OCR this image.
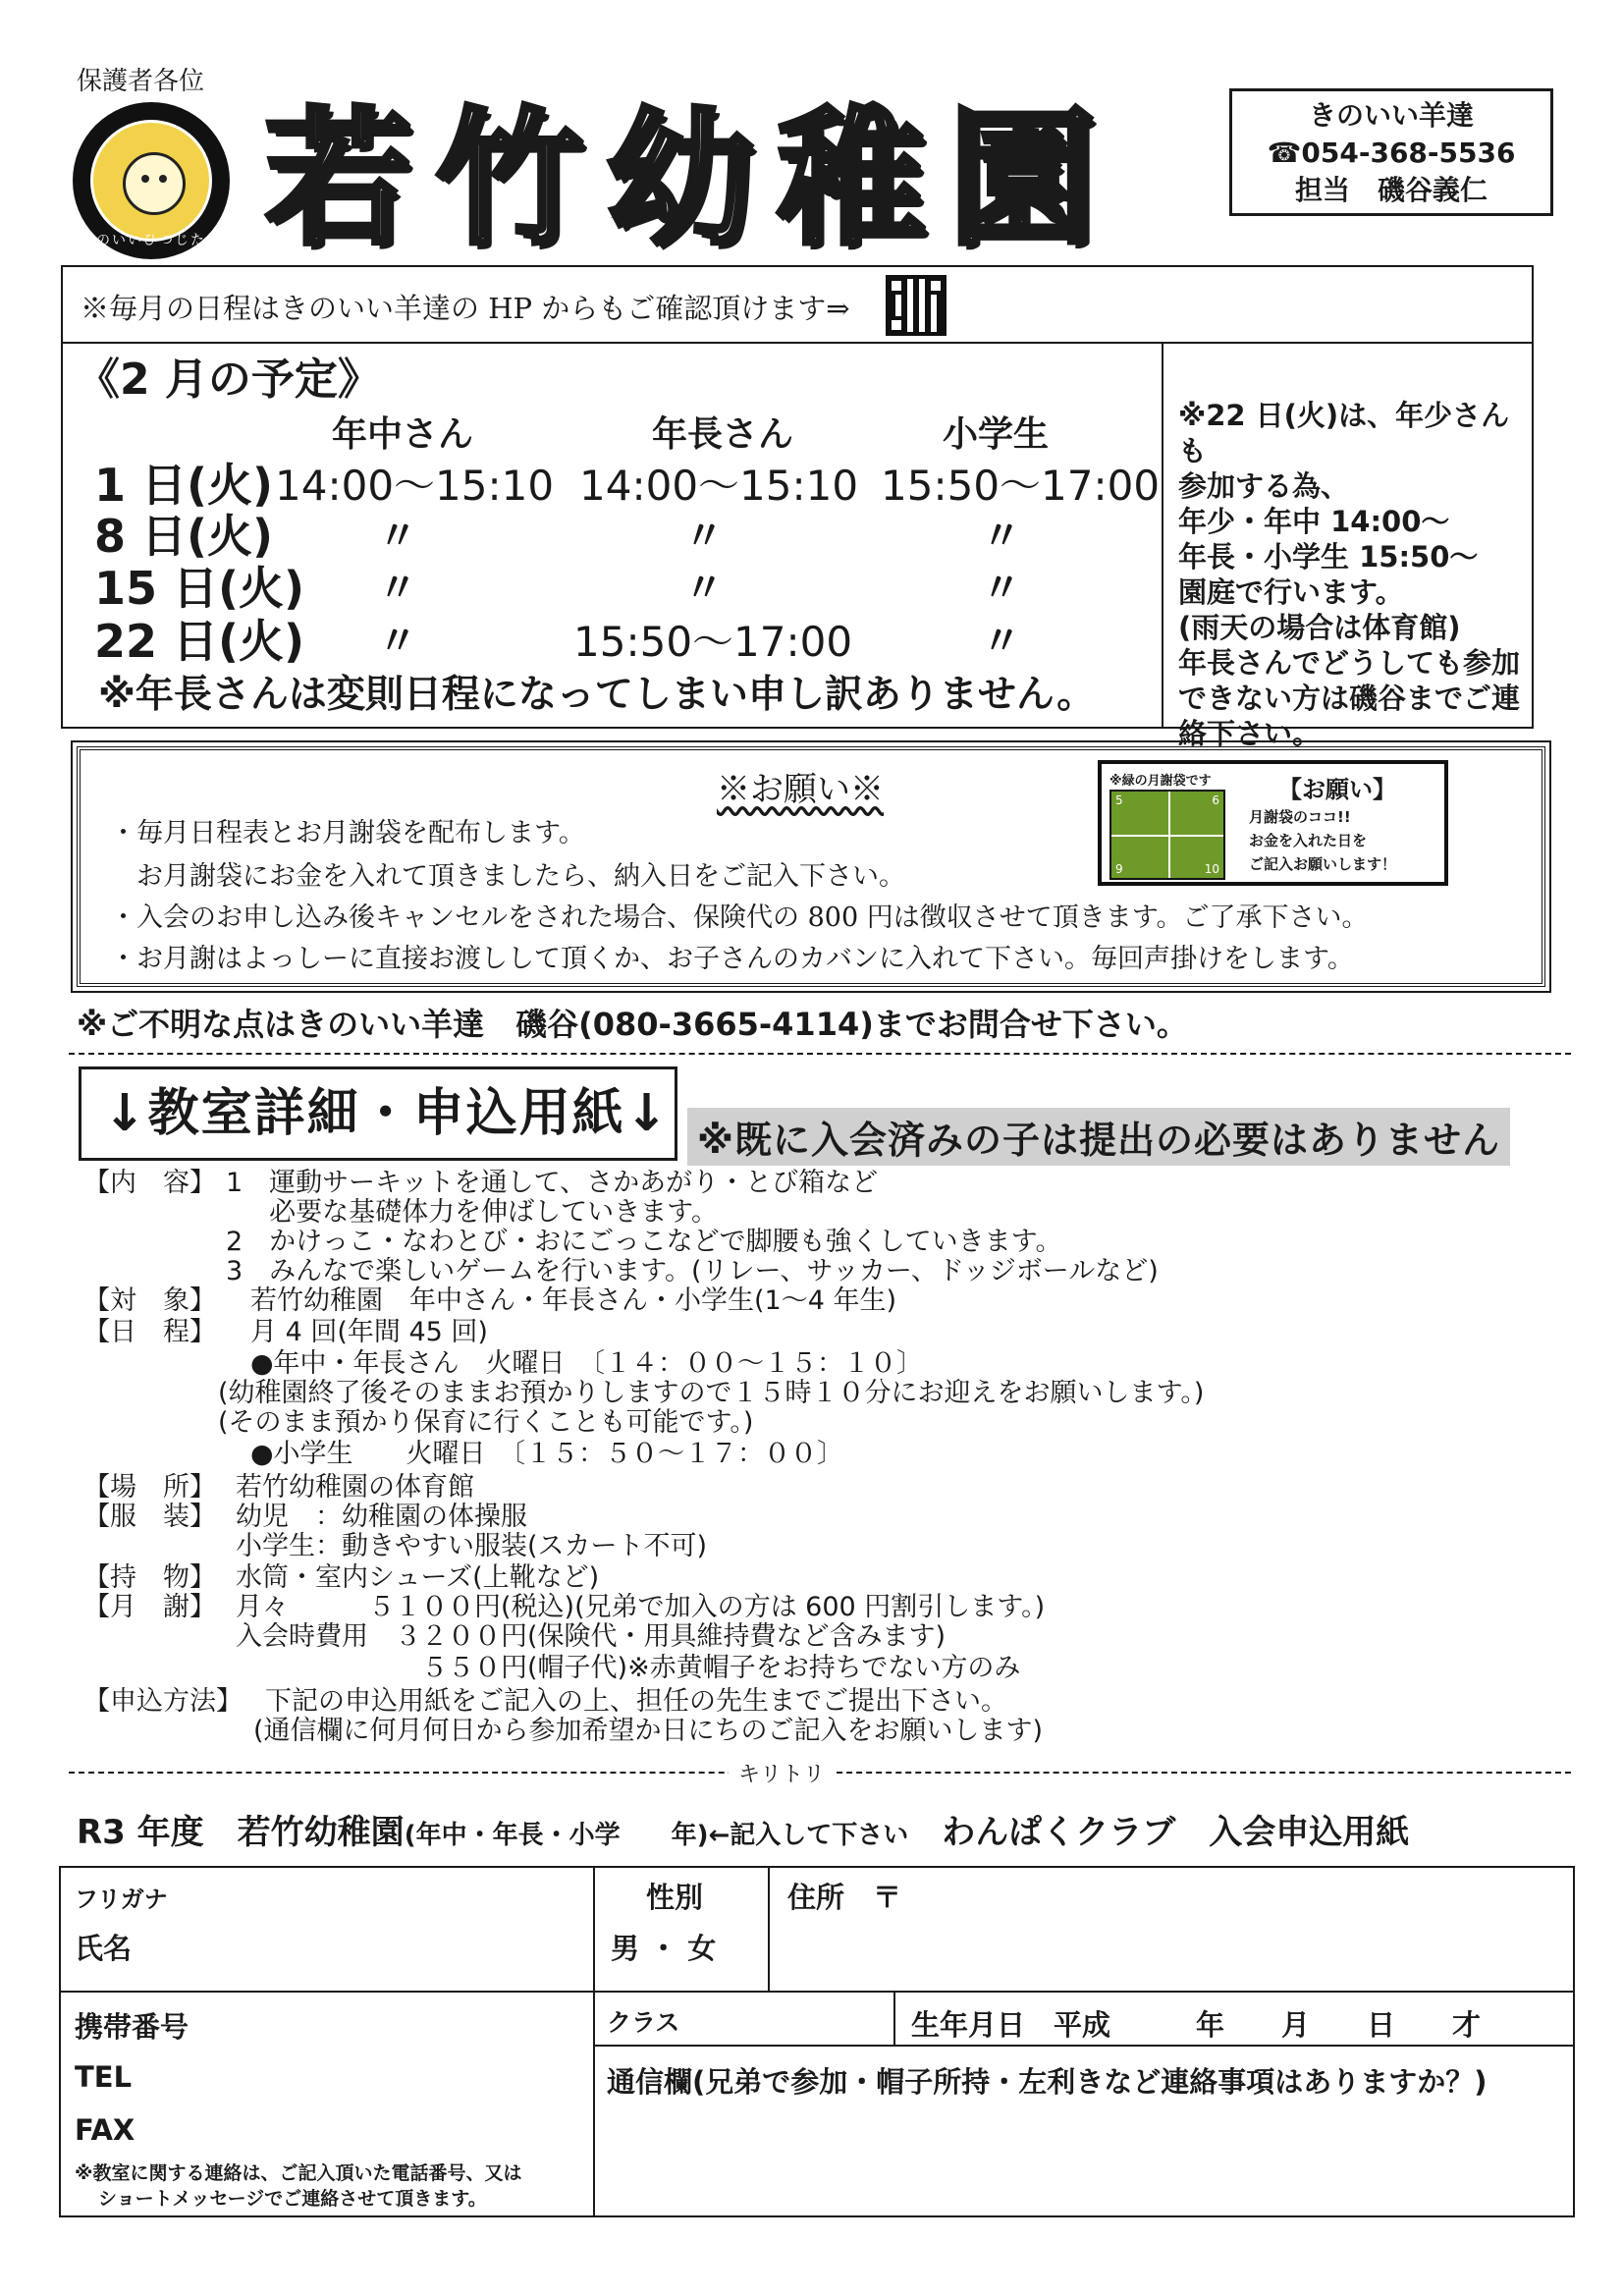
保護者各位
きのいいひつじたち 若竹幼稚園	きのいい羊達
☎054-368-5536
担当　磯谷義仁
※毎月の日程はきのいい羊達の HP からもご確認頂けます⇒
《2 月の予定》
年中さん	年長さん	小学生
1 日(火) 14:00～15:10 14:00～15:10 15:50～17:00
8 日(火)	〃	〃	〃
15 日(火) 〃	〃	〃
22 日(火) 〃	15:50～17:00	〃
※年長さんは変則日程になってしまい申し訳ありません。
※22 日(火)は、年少さんも
参加する為、
年少・年中 14:00～
年長・小学生 15:50～
園庭で行います。
(雨天の場合は体育館)
年長さんでどうしても参加
できない方は磯谷までご連
絡下さい。
※お願い※
・毎月日程表とお月謝袋を配布します。
　お月謝袋にお金を入れて頂きましたら、納入日をご記入下さい。
・入会のお申し込み後キャンセルをされた場合、保険代の 800 円は徴収させて頂きます。ご了承下さい。
・お月謝はよっしーに直接お渡しして頂くか、お子さんのカバンに入れて下さい。毎回声掛けをします。
※緑の月謝袋です
5	6
9	10
【お願い】
月謝袋のココ!!
お金を入れた日を
ご記入お願いします！
※ご不明な点はきのいい羊達　磯谷(080-3665-4114)までお問合せ下さい。
↓教室詳細・申込用紙↓ ※既に入会済みの子は提出の必要はありません
【内　容】 1　運動サーキットを通して、さかあがり・とび箱など
　  必要な基礎体力を伸ばしていきます。
2　かけっこ・なわとび・おにごっこなどで脚腰も強くしていきます。
3　みんなで楽しいゲームを行います。(リレー、サッカー、ドッジボールなど)
【対　象】 若竹幼稚園　年中さん・年長さん・小学生(1～4 年生)
【日　程】 月 4 回(年間 45 回)
●年中・年長さん　火曜日　〔１４：００～１５：１０〕
(幼稚園終了後そのままお預かりしますので１５時１０分にお迎えをお願いします。)
(そのまま預かり保育に行くことも可能です。)
●小学生　　火曜日　〔１５：５０～１７：００〕
【場　所】 若竹幼稚園の体育館
【服　装】 幼児　：幼稚園の体操服
小学生：動きやすい服装(スカート不可)
【持　物】 水筒・室内シューズ(上靴など)
【月　謝】 月々　　　５１００円(税込)(兄弟で加入の方は 600 円割引します。)
入会時費用　３２００円(保険代・用具維持費など含みます)
　　　　　　　５５０円(帽子代)※赤黄帽子をお持ちでない方のみ
【申込方法】 下記の申込用紙をご記入の上、担任の先生までご提出下さい。
(通信欄に何月何日から参加希望か日にちのご記入をお願いします)
キリトリ
R3 年度　若竹幼稚園(年中・年長・小学　　年)←記入して下さい　 わんぱくクラブ　入会申込用紙
フリガナ
氏名
性別
男 ・ 女
住所　〒
携帯番号
TEL
FAX
※教室に関する連絡は、ご記入頂いた電話番号、又は
ショートメッセージでご連絡させて頂きます。
クラス	生年月日　平成　　　年　　月　　日　　才
通信欄(兄弟で参加・帽子所持・左利きなど連絡事項はありますか？)
